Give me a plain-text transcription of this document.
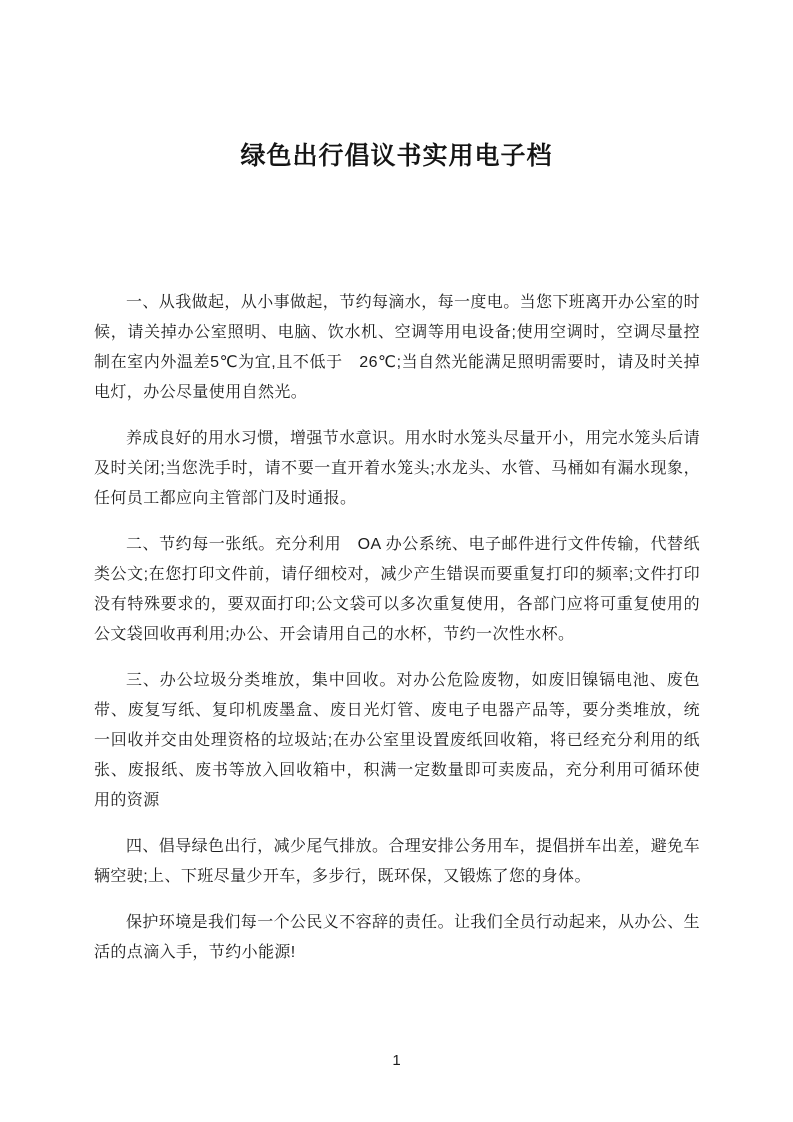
绿色出行倡议书实用电子档

一、从我做起，从小事做起，节约每滴水，每一度电。当您下班离开办公室的时候，请关掉办公室照明、电脑、饮水机、空调等用电设备;使用空调时，空调尽量控制在室内外温差5℃为宜,且不低于　26℃;当自然光能满足照明需要时，请及时关掉电灯，办公尽量使用自然光。

养成良好的用水习惯，增强节水意识。用水时水笼头尽量开小，用完水笼头后请及时关闭;当您洗手时，请不要一直开着水笼头;水龙头、水管、马桶如有漏水现象，任何员工都应向主管部门及时通报。

二、节约每一张纸。充分利用　OA 办公系统、电子邮件进行文件传输，代替纸类公文;在您打印文件前，请仔细校对，减少产生错误而要重复打印的频率;文件打印没有特殊要求的，要双面打印;公文袋可以多次重复使用，各部门应将可重复使用的公文袋回收再利用;办公、开会请用自己的水杯，节约一次性水杯。

三、办公垃圾分类堆放，集中回收。对办公危险废物，如废旧镍镉电池、废色带、废复写纸、复印机废墨盒、废日光灯管、废电子电器产品等，要分类堆放，统一回收并交由处理资格的垃圾站;在办公室里设置废纸回收箱，将已经充分利用的纸张、废报纸、废书等放入回收箱中，积满一定数量即可卖废品，充分利用可循环使用的资源

四、倡导绿色出行，减少尾气排放。合理安排公务用车，提倡拼车出差，避免车辆空驶;上、下班尽量少开车，多步行，既环保，又锻炼了您的身体。

保护环境是我们每一个公民义不容辞的责任。让我们全员行动起来，从办公、生活的点滴入手，节约小能源!

1
